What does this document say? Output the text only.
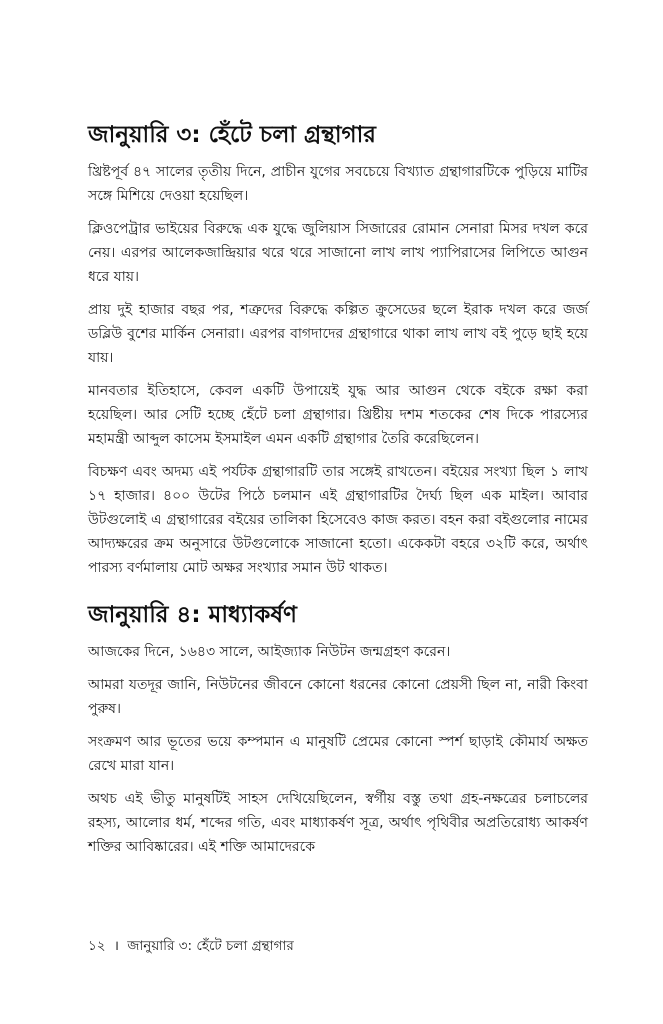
জানুয়ারি ৩: হেঁটে চলা গ্রন্থাগার

খ্রিষ্টপূর্ব ৪৭ সালের তৃতীয় দিনে, প্রাচীন যুগের সবচেয়ে বিখ্যাত গ্রন্থাগারটিকে পুড়িয়ে মাটির সঙ্গে মিশিয়ে দেওয়া হয়েছিল।

ক্লিওপেট্রার ভাইয়ের বিরুদ্ধে এক যুদ্ধে জুলিয়াস সিজারের রোমান সেনারা মিসর দখল করে নেয়। এরপর আলেকজান্দ্রিয়ার থরে থরে সাজানো লাখ লাখ প্যাপিরাসের লিপিতে আগুন ধরে যায়।

প্রায় দুই হাজার বছর পর, শত্রুদের বিরুদ্ধে কল্পিত ক্রুসেডের ছলে ইরাক দখল করে জর্জ ডব্লিউ বুশের মার্কিন সেনারা। এরপর বাগদাদের গ্রন্থাগারে থাকা লাখ লাখ বই পুড়ে ছাই হয়ে যায়।

মানবতার ইতিহাসে, কেবল একটি উপায়েই যুদ্ধ আর আগুন থেকে বইকে রক্ষা করা হয়েছিল। আর সেটি হচ্ছে হেঁটে চলা গ্রন্থাগার। খ্রিষ্টীয় দশম শতকের শেষ দিকে পারস্যের মহামন্ত্রী আব্দুল কাসেম ইসমাইল এমন একটি গ্রন্থাগার তৈরি করেছিলেন।

বিচক্ষণ এবং অদম্য এই পর্যটক গ্রন্থাগারটি তার সঙ্গেই রাখতেন। বইয়ের সংখ্যা ছিল ১ লাখ ১৭ হাজার। ৪০০ উটের পিঠে চলমান এই গ্রন্থাগারটির দৈর্ঘ্য ছিল এক মাইল। আবার উটগুলোই এ গ্রন্থাগারের বইয়ের তালিকা হিসেবেও কাজ করত। বহন করা বইগুলোর নামের আদ্যক্ষরের ক্রম অনুসারে উটগুলোকে সাজানো হতো। একেকটা বহরে ৩২টি করে, অর্থাৎ পারস্য বর্ণমালায় মোট অক্ষর সংখ্যার সমান উট থাকত।

জানুয়ারি ৪: মাধ্যাকর্ষণ

আজকের দিনে, ১৬৪৩ সালে, আইজ্যাক নিউটন জন্মগ্রহণ করেন।

আমরা যতদূর জানি, নিউটনের জীবনে কোনো ধরনের কোনো প্রেয়সী ছিল না, নারী কিংবা পুরুষ।

সংক্রমণ আর ভূতের ভয়ে কম্পমান এ মানুষটি প্রেমের কোনো স্পর্শ ছাড়াই কৌমার্য অক্ষত রেখে মারা যান।

অথচ এই ভীতু মানুষটিই সাহস দেখিয়েছিলেন, স্বর্গীয় বস্তু তথা গ্রহ-নক্ষত্রের চলাচলের রহস্য, আলোর ধর্ম, শব্দের গতি, এবং মাধ্যাকর্ষণ সূত্র, অর্থাৎ পৃথিবীর অপ্রতিরোধ্য আকর্ষণ শক্তির আবিষ্কারের। এই শক্তি আমাদেরকে

১২ । জানুয়ারি ৩: হেঁটে চলা গ্রন্থাগার
